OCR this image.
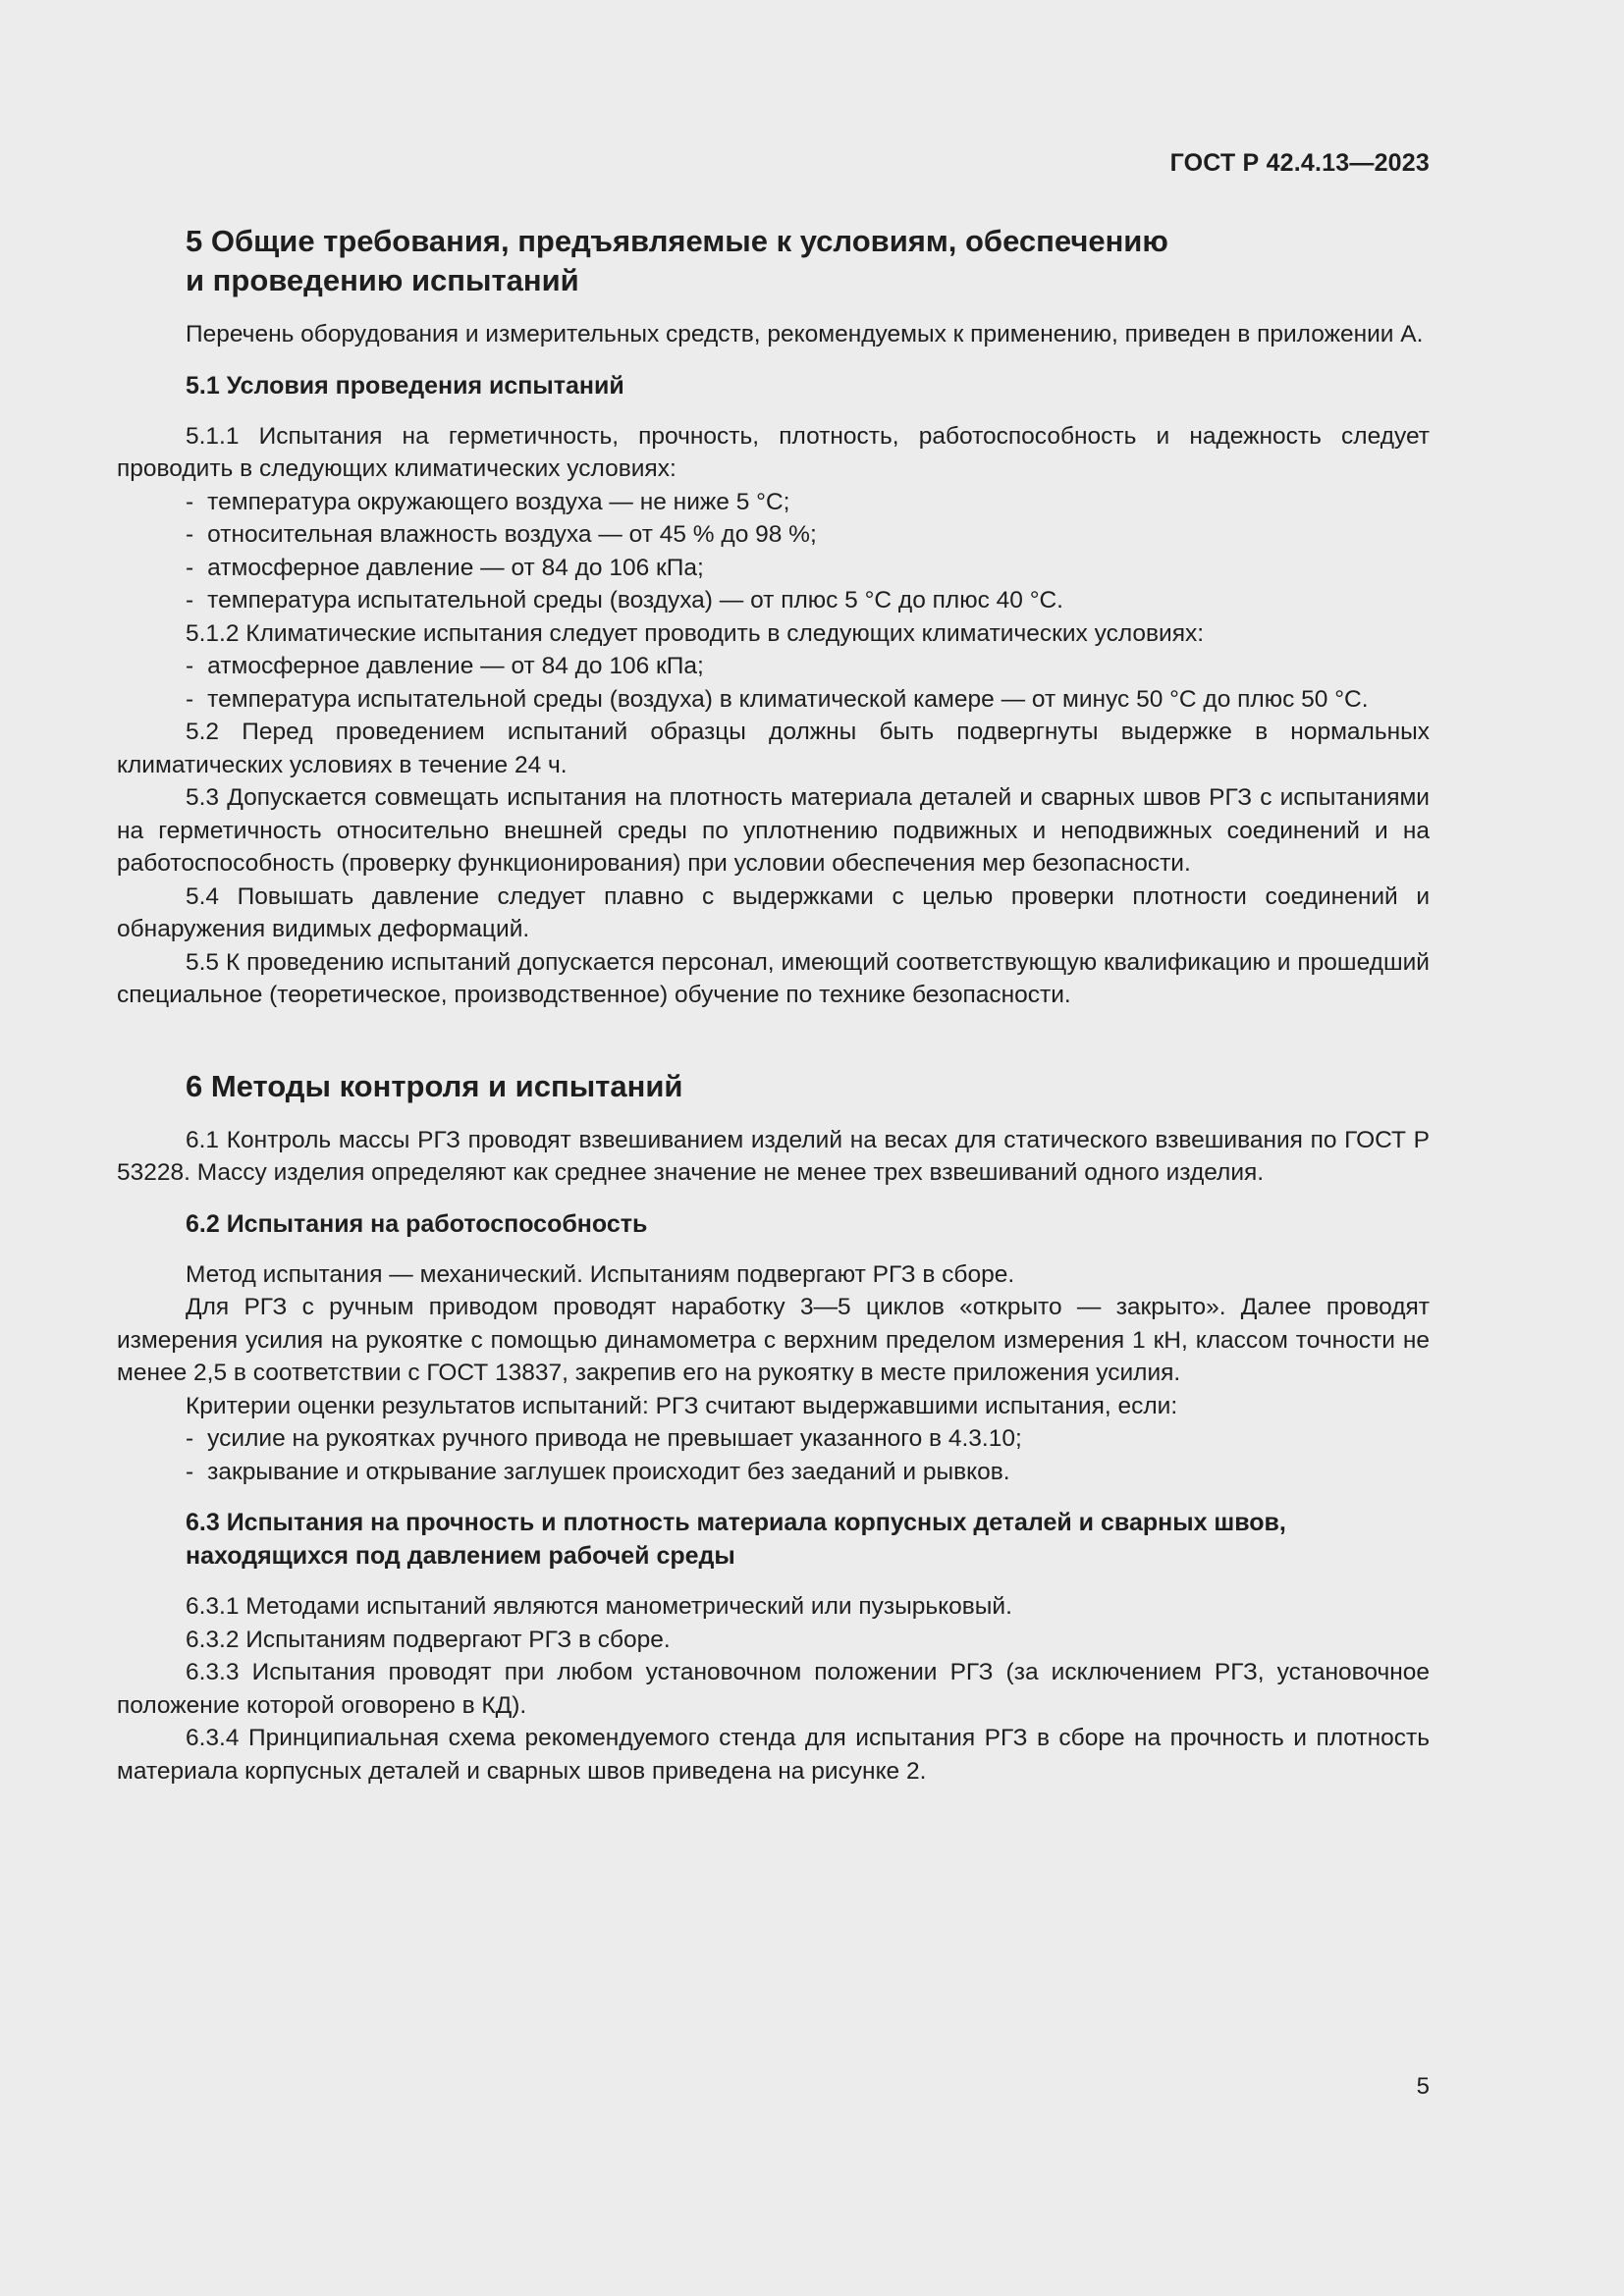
ГОСТ Р 42.4.13—2023
5 Общие требования, предъявляемые к условиям, обеспечению
и проведению испытаний

Перечень оборудования и измерительных средств, рекомендуемых к применению, приведен в приложении А.

5.1 Условия проведения испытаний

5.1.1 Испытания на герметичность, прочность, плотность, работоспособность и надежность следует проводить в следующих климатических условиях:

- температура окружающего воздуха — не ниже 5 °С;
- относительная влажность воздуха — от 45 % до 98 %;
- атмосферное давление — от 84 до 106 кПа;
- температура испытательной среды (воздуха) — от плюс 5 °С до плюс 40 °С.

5.1.2 Климатические испытания следует проводить в следующих климатических условиях:

- атмосферное давление — от 84 до 106 кПа;
- температура испытательной среды (воздуха) в климатической камере — от минус 50 °С до плюс 50 °С.

5.2 Перед проведением испытаний образцы должны быть подвергнуты выдержке в нормальных климатических условиях в течение 24 ч.

5.3 Допускается совмещать испытания на плотность материала деталей и сварных швов РГЗ с испытаниями на герметичность относительно внешней среды по уплотнению подвижных и неподвижных соединений и на работоспособность (проверку функционирования) при условии обеспечения мер безопасности.

5.4 Повышать давление следует плавно с выдержками с целью проверки плотности соединений и обнаружения видимых деформаций.

5.5 К проведению испытаний допускается персонал, имеющий соответствующую квалификацию и прошедший специальное (теоретическое, производственное) обучение по технике безопасности.

6 Методы контроля и испытаний

6.1 Контроль массы РГЗ проводят взвешиванием изделий на весах для статического взвешивания по ГОСТ Р 53228. Массу изделия определяют как среднее значение не менее трех взвешиваний одного изделия.

6.2 Испытания на работоспособность

Метод испытания — механический. Испытаниям подвергают РГЗ в сборе.

Для РГЗ с ручным приводом проводят наработку 3—5 циклов «открыто — закрыто». Далее проводят измерения усилия на рукоятке с помощью динамометра с верхним пределом измерения 1 кН, классом точности не менее 2,5 в соответствии с ГОСТ 13837, закрепив его на рукоятку в месте приложения усилия.

Критерии оценки результатов испытаний: РГЗ считают выдержавшими испытания, если:

- усилие на рукоятках ручного привода не превышает указанного в 4.3.10;
- закрывание и открывание заглушек происходит без заеданий и рывков.
6.3 Испытания на прочность и плотность материала корпусных деталей и сварных швов,
находящихся под давлением рабочей среды

6.3.1 Методами испытаний являются манометрический или пузырьковый.

6.3.2 Испытаниям подвергают РГЗ в сборе.

6.3.3 Испытания проводят при любом установочном положении РГЗ (за исключением РГЗ, установочное положение которой оговорено в КД).

6.3.4 Принципиальная схема рекомендуемого стенда для испытания РГЗ в сборе на прочность и плотность материала корпусных деталей и сварных швов приведена на рисунке 2.

5
